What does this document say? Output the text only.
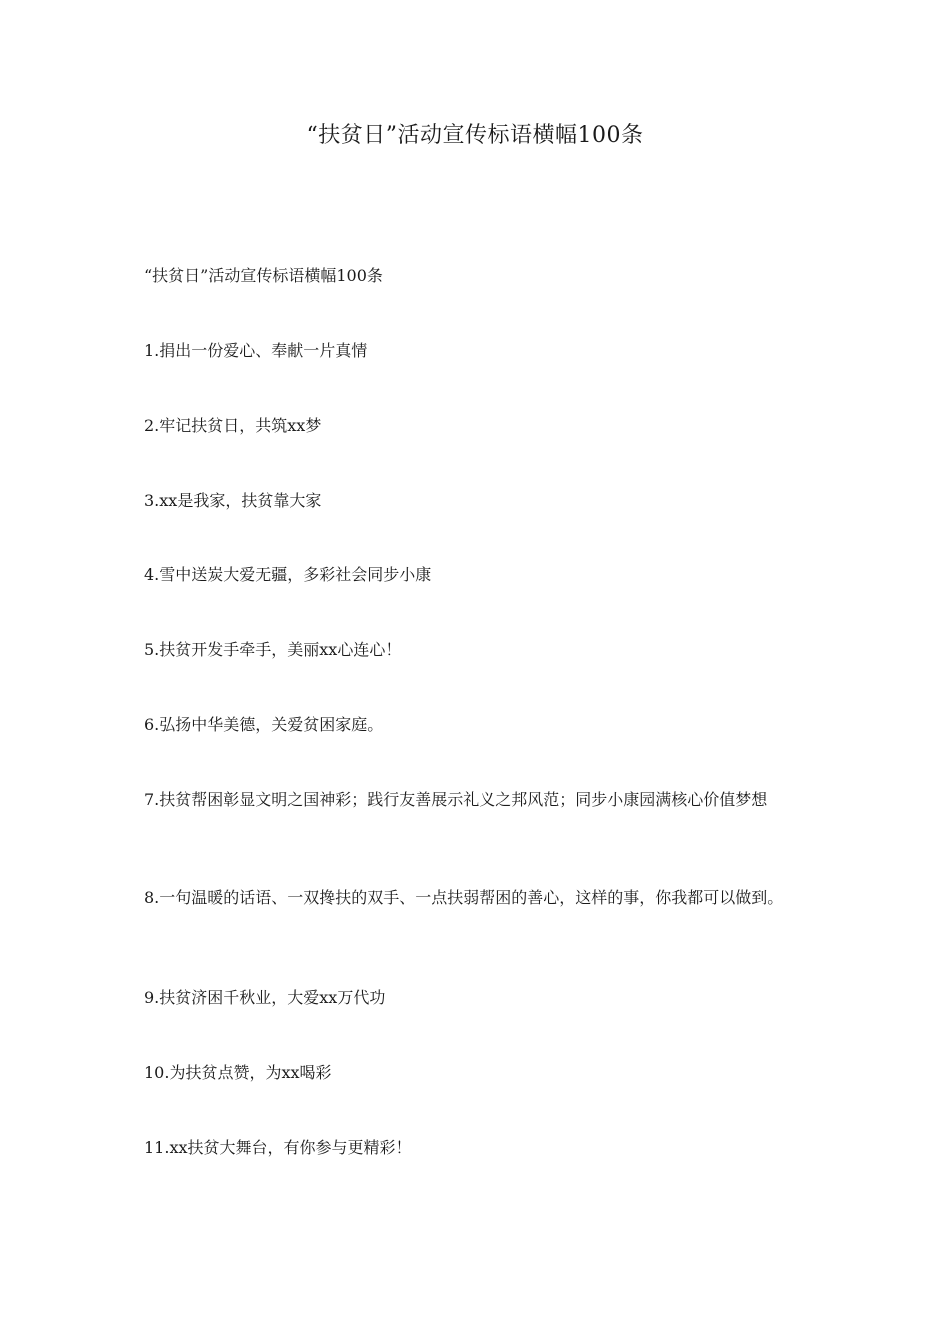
“扶贫日”活动宣传标语横幅100条

“扶贫日”活动宣传标语横幅100条

1.捐出一份爱心、奉献一片真情

2.牢记扶贫日，共筑xx梦

3.xx是我家，扶贫靠大家

4.雪中送炭大爱无疆，多彩社会同步小康

5.扶贫开发手牵手，美丽xx心连心！

6.弘扬中华美德，关爱贫困家庭。

7.扶贫帮困彰显文明之国神彩；践行友善展示礼义之邦风范；同步小康园满核心价值梦想

8.一句温暖的话语、一双搀扶的双手、一点扶弱帮困的善心，这样的事，你我都可以做到。

9.扶贫济困千秋业，大爱xx万代功

10.为扶贫点赞，为xx喝彩

11.xx扶贫大舞台，有你参与更精彩！
